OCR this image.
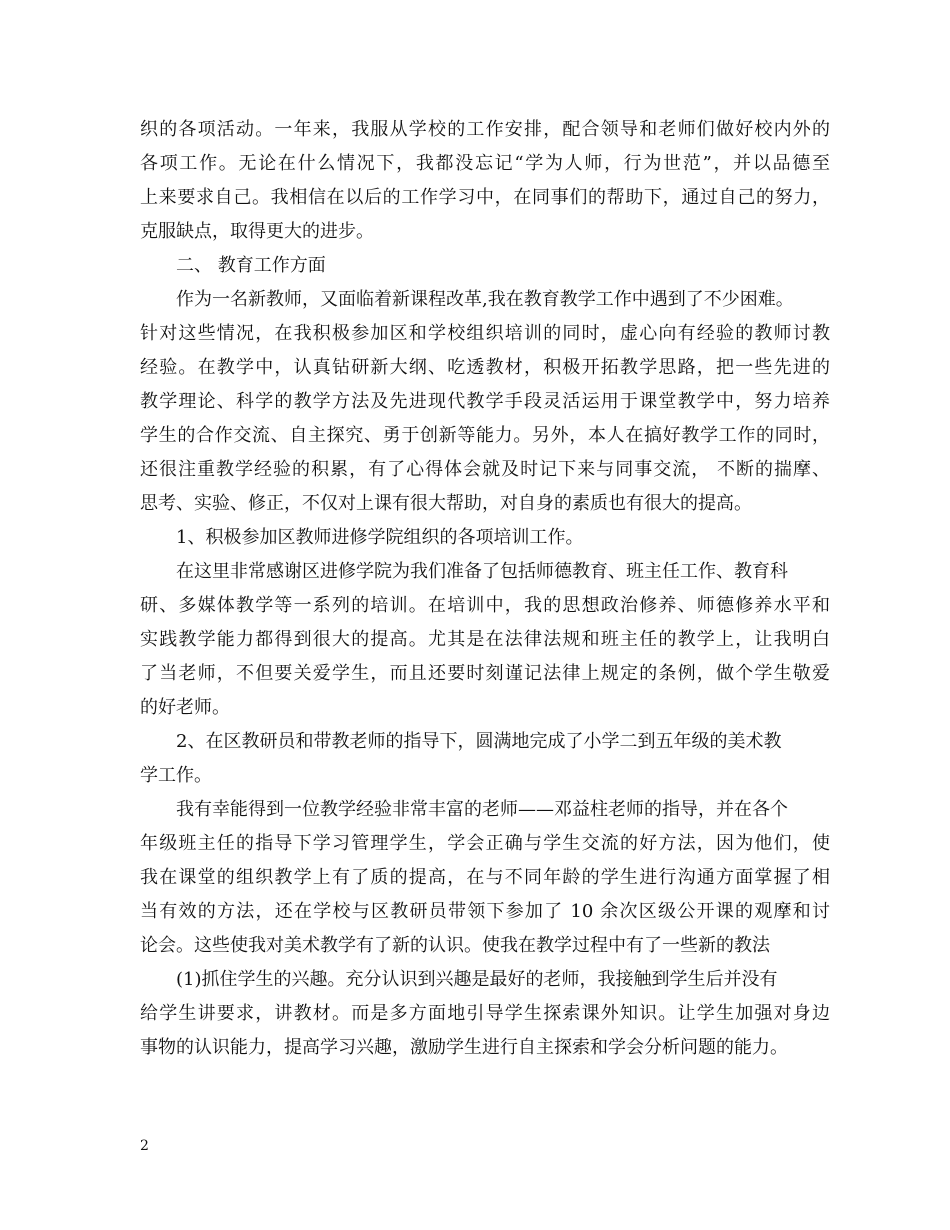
织的各项活动。一年来，我服从学校的工作安排，配合领导和老师们做好校内外的
各项工作。无论在什么情况下，我都没忘记“学为人师，行为世范”，并以品德至
上来要求自己。我相信在以后的工作学习中，在同事们的帮助下，通过自己的努力，
克服缺点，取得更大的进步。
二、 教育工作方面
作为一名新教师，又面临着新课程改革,我在教育教学工作中遇到了不少困难。
针对这些情况，在我积极参加区和学校组织培训的同时，虚心向有经验的教师讨教
经验。在教学中，认真钻研新大纲、吃透教材，积极开拓教学思路，把一些先进的
教学理论、科学的教学方法及先进现代教学手段灵活运用于课堂教学中，努力培养
学生的合作交流、自主探究、勇于创新等能力。另外，本人在搞好教学工作的同时，
还很注重教学经验的积累，有了心得体会就及时记下来与同事交流， 不断的揣摩、
思考、实验、修正，不仅对上课有很大帮助，对自身的素质也有很大的提高。
1、积极参加区教师进修学院组织的各项培训工作。
在这里非常感谢区进修学院为我们准备了包括师德教育、班主任工作、教育科
研、多媒体教学等一系列的培训。在培训中，我的思想政治修养、师德修养水平和
实践教学能力都得到很大的提高。尤其是在法律法规和班主任的教学上，让我明白
了当老师，不但要关爱学生，而且还要时刻谨记法律上规定的条例，做个学生敬爱
的好老师。
2、在区教研员和带教老师的指导下，圆满地完成了小学二到五年级的美术教
学工作。
我有幸能得到一位教学经验非常丰富的老师——邓益柱老师的指导，并在各个
年级班主任的指导下学习管理学生，学会正确与学生交流的好方法，因为他们，使
我在课堂的组织教学上有了质的提高，在与不同年龄的学生进行沟通方面掌握了相
当有效的方法，还在学校与区教研员带领下参加了 10 余次区级公开课的观摩和讨
论会。这些使我对美术教学有了新的认识。使我在教学过程中有了一些新的教法
(1)抓住学生的兴趣。充分认识到兴趣是最好的老师，我接触到学生后并没有
给学生讲要求，讲教材。而是多方面地引导学生探索课外知识。让学生加强对身边
事物的认识能力，提高学习兴趣，激励学生进行自主探索和学会分析问题的能力。
2
